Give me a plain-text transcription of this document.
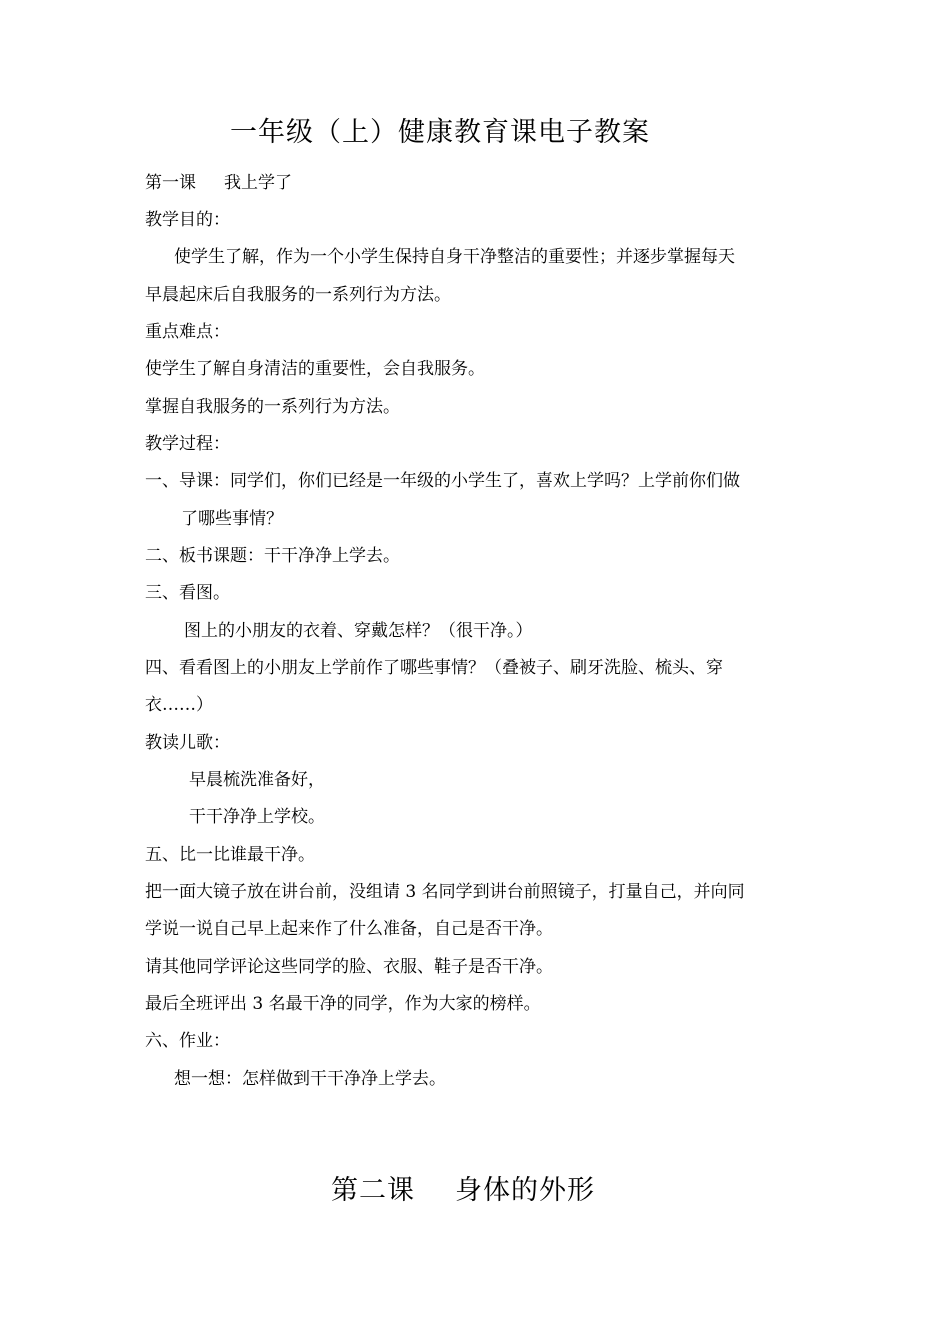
一年级（上）健康教育课电子教案
第一课 我上学了
教学目的：
使学生了解，作为一个小学生保持自身干净整洁的重要性；并逐步掌握每天
早晨起床后自我服务的一系列行为方法。
重点难点：
使学生了解自身清洁的重要性，会自我服务。
掌握自我服务的一系列行为方法。
教学过程：
一、导课：同学们，你们已经是一年级的小学生了，喜欢上学吗？上学前你们做
了哪些事情？
二、板书课题：干干净净上学去。
三、看图。
图上的小朋友的衣着、穿戴怎样？（很干净。）
四、看看图上的小朋友上学前作了哪些事情？（叠被子、刷牙洗脸、梳头、穿
衣……）
教读儿歌：
早晨梳洗准备好，
干干净净上学校。
五、比一比谁最干净。
把一面大镜子放在讲台前，没组请 3 名同学到讲台前照镜子，打量自己，并向同
学说一说自己早上起来作了什么准备，自己是否干净。
请其他同学评论这些同学的脸、衣服、鞋子是否干净。
最后全班评出 3 名最干净的同学，作为大家的榜样。
六、作业：
想一想：怎样做到干干净净上学去。
第二课 身体的外形
